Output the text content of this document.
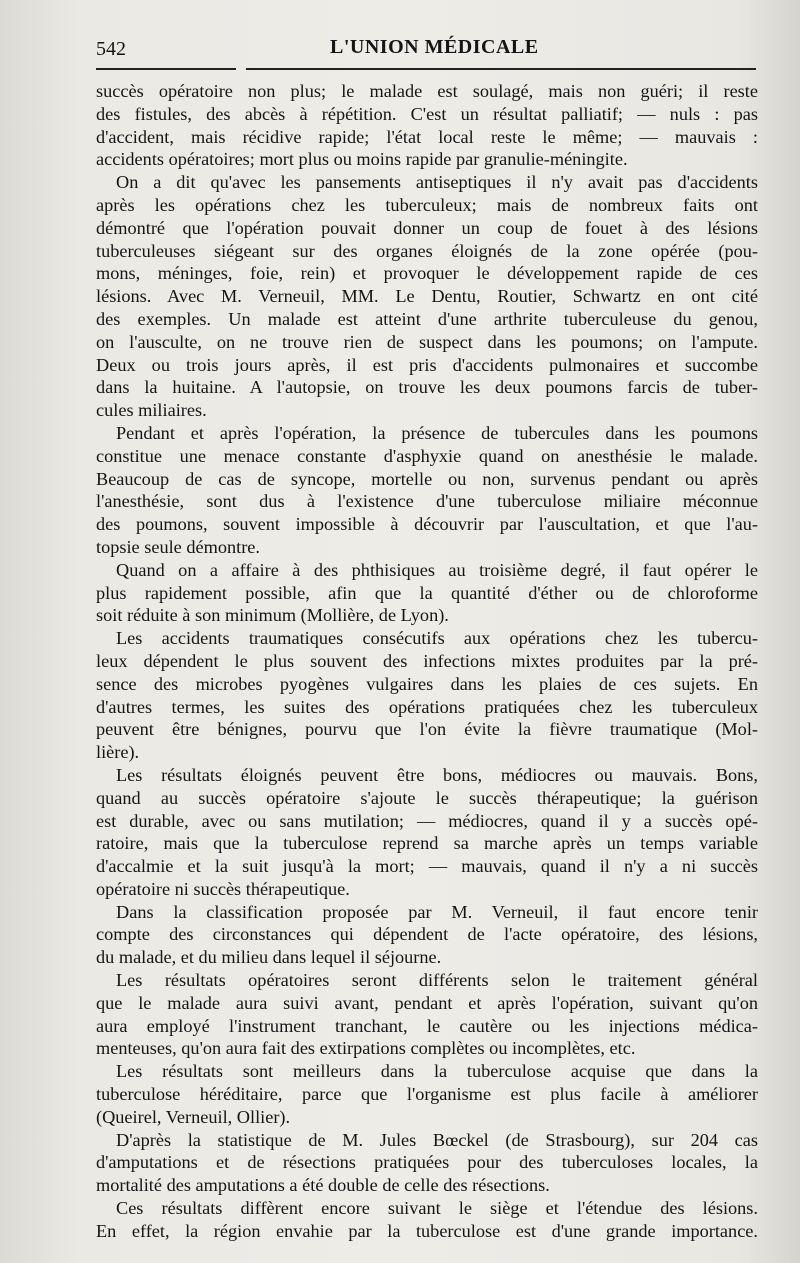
542	L'UNION MÉDICALE
succès opératoire non plus; le malade est soulagé, mais non guéri; il reste
des fistules, des abcès à répétition. C'est un résultat palliatif; — nuls : pas
d'accident, mais récidive rapide; l'état local reste le même; — mauvais :
accidents opératoires; mort plus ou moins rapide par granulie-méningite.
On a dit qu'avec les pansements antiseptiques il n'y avait pas d'accidents
après les opérations chez les tuberculeux; mais de nombreux faits ont
démontré que l'opération pouvait donner un coup de fouet à des lésions
tuberculeuses siégeant sur des organes éloignés de la zone opérée (pou-
mons, méninges, foie, rein) et provoquer le développement rapide de ces
lésions. Avec M. Verneuil, MM. Le Dentu, Routier, Schwartz en ont cité
des exemples. Un malade est atteint d'une arthrite tuberculeuse du genou,
on l'ausculte, on ne trouve rien de suspect dans les poumons; on l'ampute.
Deux ou trois jours après, il est pris d'accidents pulmonaires et succombe
dans la huitaine. A l'autopsie, on trouve les deux poumons farcis de tuber-
cules miliaires.
Pendant et après l'opération, la présence de tubercules dans les poumons
constitue une menace constante d'asphyxie quand on anesthésie le malade.
Beaucoup de cas de syncope, mortelle ou non, survenus pendant ou après
l'anesthésie, sont dus à l'existence d'une tuberculose miliaire méconnue
des poumons, souvent impossible à découvrir par l'auscultation, et que l'au-
topsie seule démontre.
Quand on a affaire à des phthisiques au troisième degré, il faut opérer le
plus rapidement possible, afin que la quantité d'éther ou de chloroforme
soit réduite à son minimum (Mollière, de Lyon).
Les accidents traumatiques consécutifs aux opérations chez les tubercu-
leux dépendent le plus souvent des infections mixtes produites par la pré-
sence des microbes pyogènes vulgaires dans les plaies de ces sujets. En
d'autres termes, les suites des opérations pratiquées chez les tuberculeux
peuvent être bénignes, pourvu que l'on évite la fièvre traumatique (Mol-
lière).
Les résultats éloignés peuvent être bons, médiocres ou mauvais. Bons,
quand au succès opératoire s'ajoute le succès thérapeutique; la guérison
est durable, avec ou sans mutilation; — médiocres, quand il y a succès opé-
ratoire, mais que la tuberculose reprend sa marche après un temps variable
d'accalmie et la suit jusqu'à la mort; — mauvais, quand il n'y a ni succès
opératoire ni succès thérapeutique.
Dans la classification proposée par M. Verneuil, il faut encore tenir
compte des circonstances qui dépendent de l'acte opératoire, des lésions,
du malade, et du milieu dans lequel il séjourne.
Les résultats opératoires seront différents selon le traitement général
que le malade aura suivi avant, pendant et après l'opération, suivant qu'on
aura employé l'instrument tranchant, le cautère ou les injections médica-
menteuses, qu'on aura fait des extirpations complètes ou incomplètes, etc.
Les résultats sont meilleurs dans la tuberculose acquise que dans la
tuberculose héréditaire, parce que l'organisme est plus facile à améliorer
(Queirel, Verneuil, Ollier).
D'après la statistique de M. Jules Bœckel (de Strasbourg), sur 204 cas
d'amputations et de résections pratiquées pour des tuberculoses locales, la
mortalité des amputations a été double de celle des résections.
Ces résultats diffèrent encore suivant le siège et l'étendue des lésions.
En effet, la région envahie par la tuberculose est d'une grande importance.
